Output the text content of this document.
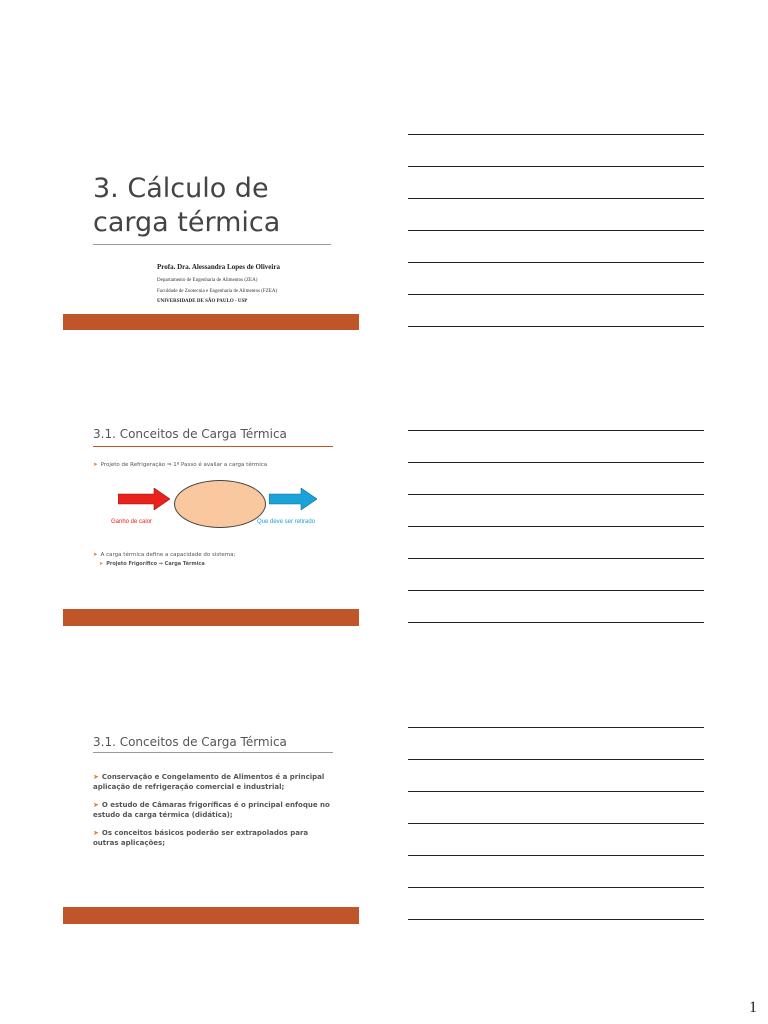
3. Cálculo de carga térmica
Profa. Dra. Alessandra Lopes de Oliveira
Departamento de Engenharia de Alimentos (ZEA)
Faculdade de Zootecnia e Engenharia de Alimentos (FZEA)
UNIVERSIDADE DE SÃO PAULO - USP
3.1. Conceitos de Carga Térmica
➤ Projeto de Refrigeração ⇒ 1º Passo é avaliar a carga térmica
Ganho de calor	Que deve ser retirado
➤ A carga térmica define a capacidade do sistema;
➤ Projeto Frigorífico ⇒ Carga Térmica
3.1. Conceitos de Carga Térmica
➤ Conservação e Congelamento de Alimentos é a principal aplicação de refrigeração comercial e industrial;
➤ O estudo de Câmaras frigoríficas é o principal enfoque no estudo da carga térmica (didática);
➤ Os conceitos básicos poderão ser extrapolados para outras aplicações;
1
